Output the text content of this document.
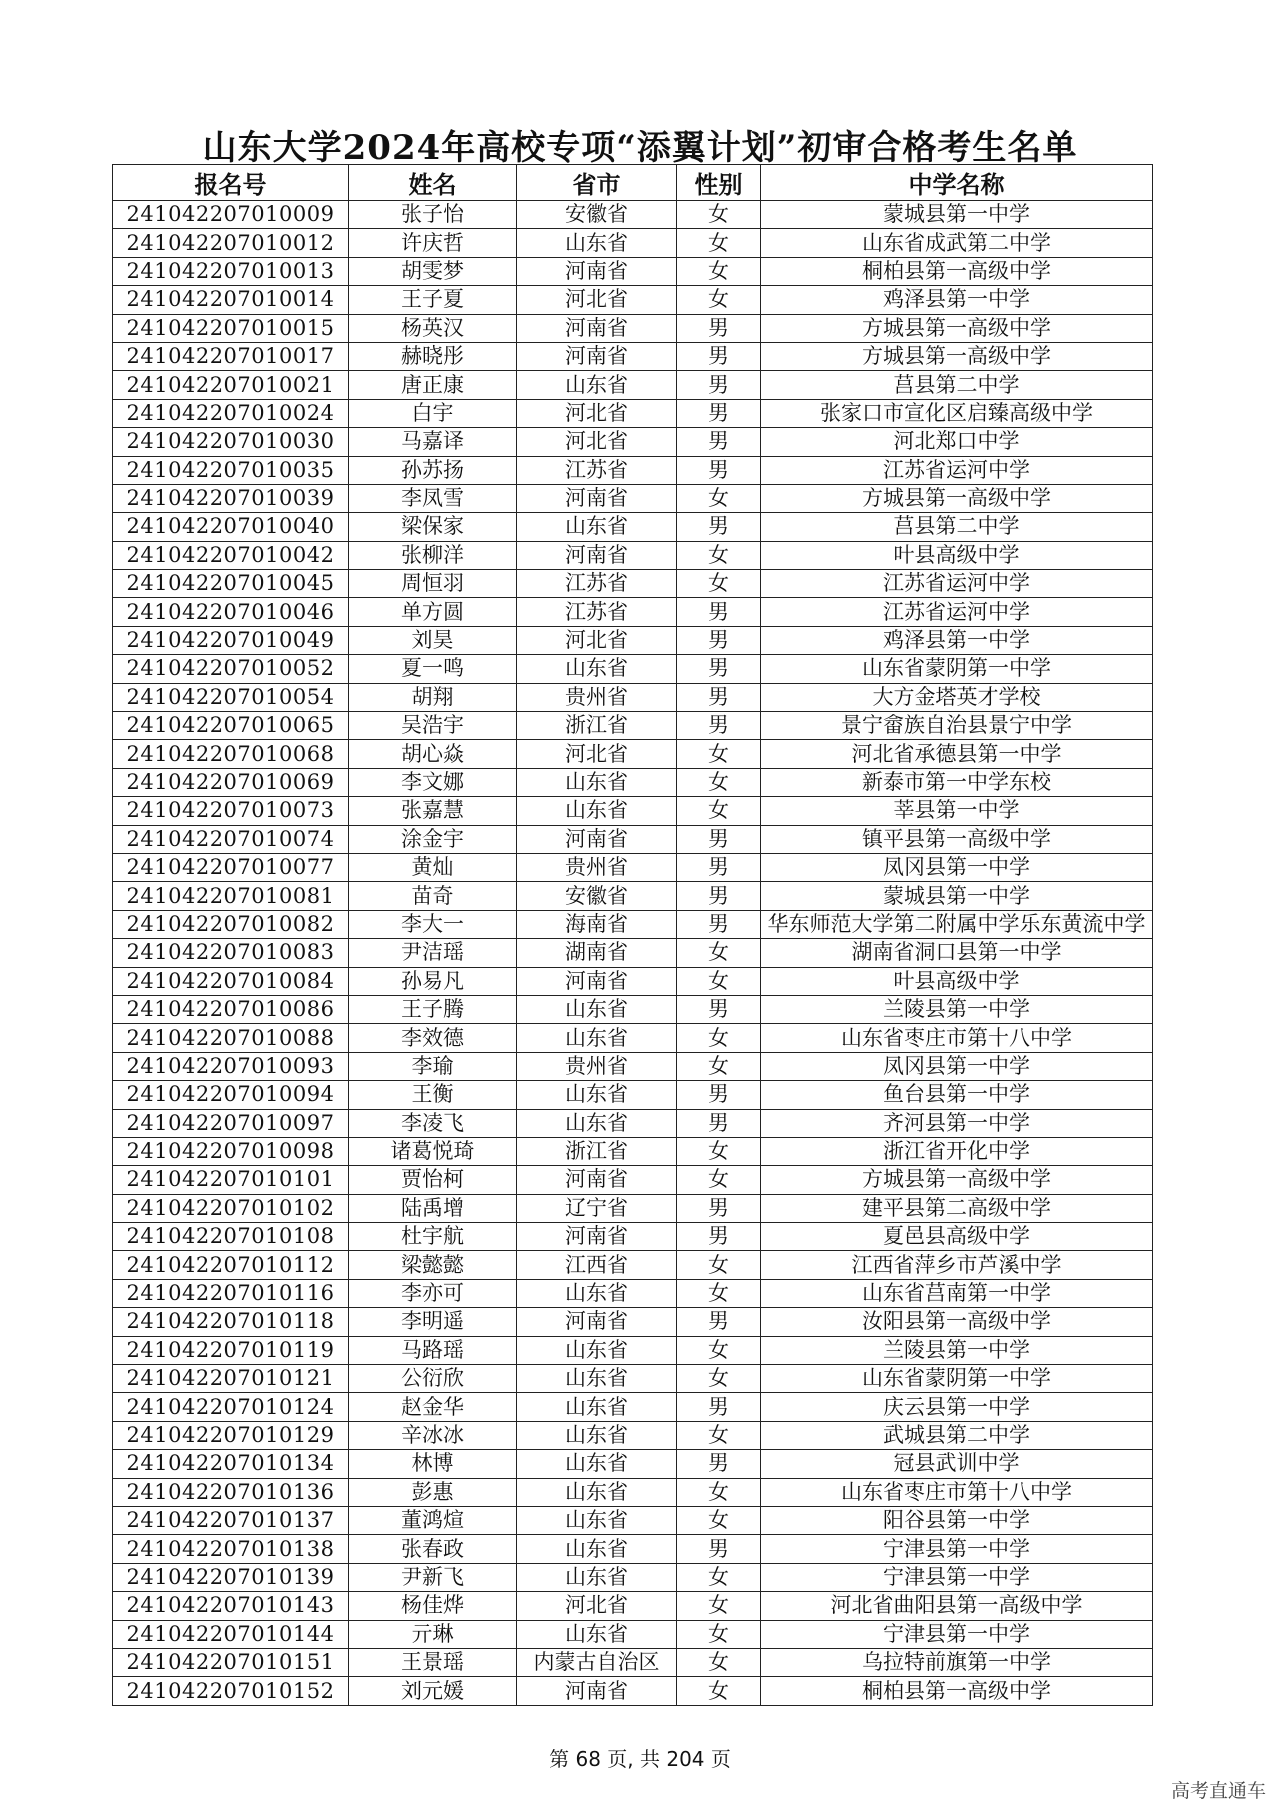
山东大学2024年高校专项“添翼计划”初审合格考生名单
报名号	姓名	省市	性别	中学名称
241042207010009	张子怡	安徽省	女	蒙城县第一中学
241042207010012	许庆哲	山东省	女	山东省成武第二中学
241042207010013	胡雯梦	河南省	女	桐柏县第一高级中学
241042207010014	王子夏	河北省	女	鸡泽县第一中学
241042207010015	杨英汉	河南省	男	方城县第一高级中学
241042207010017	赫晓彤	河南省	男	方城县第一高级中学
241042207010021	唐正康	山东省	男	莒县第二中学
241042207010024	白宇	河北省	男	张家口市宣化区启臻高级中学
241042207010030	马嘉译	河北省	男	河北郑口中学
241042207010035	孙苏扬	江苏省	男	江苏省运河中学
241042207010039	李凤雪	河南省	女	方城县第一高级中学
241042207010040	梁保家	山东省	男	莒县第二中学
241042207010042	张柳洋	河南省	女	叶县高级中学
241042207010045	周恒羽	江苏省	女	江苏省运河中学
241042207010046	单方圆	江苏省	男	江苏省运河中学
241042207010049	刘昊	河北省	男	鸡泽县第一中学
241042207010052	夏一鸣	山东省	男	山东省蒙阴第一中学
241042207010054	胡翔	贵州省	男	大方金塔英才学校
241042207010065	吴浩宇	浙江省	男	景宁畲族自治县景宁中学
241042207010068	胡心焱	河北省	女	河北省承德县第一中学
241042207010069	李文娜	山东省	女	新泰市第一中学东校
241042207010073	张嘉慧	山东省	女	莘县第一中学
241042207010074	涂金宇	河南省	男	镇平县第一高级中学
241042207010077	黄灿	贵州省	男	凤冈县第一中学
241042207010081	苗奇	安徽省	男	蒙城县第一中学
241042207010082	李大一	海南省	男	华东师范大学第二附属中学乐东黄流中学
241042207010083	尹洁瑶	湖南省	女	湖南省洞口县第一中学
241042207010084	孙易凡	河南省	女	叶县高级中学
241042207010086	王子腾	山东省	男	兰陵县第一中学
241042207010088	李效德	山东省	女	山东省枣庄市第十八中学
241042207010093	李瑜	贵州省	女	凤冈县第一中学
241042207010094	王衡	山东省	男	鱼台县第一中学
241042207010097	李凌飞	山东省	男	齐河县第一中学
241042207010098	诸葛悦琦	浙江省	女	浙江省开化中学
241042207010101	贾怡柯	河南省	女	方城县第一高级中学
241042207010102	陆禹增	辽宁省	男	建平县第二高级中学
241042207010108	杜宇航	河南省	男	夏邑县高级中学
241042207010112	梁懿懿	江西省	女	江西省萍乡市芦溪中学
241042207010116	李亦可	山东省	女	山东省莒南第一中学
241042207010118	李明遥	河南省	男	汝阳县第一高级中学
241042207010119	马路瑶	山东省	女	兰陵县第一中学
241042207010121	公衍欣	山东省	女	山东省蒙阴第一中学
241042207010124	赵金华	山东省	男	庆云县第一中学
241042207010129	辛冰冰	山东省	女	武城县第二中学
241042207010134	林博	山东省	男	冠县武训中学
241042207010136	彭惠	山东省	女	山东省枣庄市第十八中学
241042207010137	董鸿煊	山东省	女	阳谷县第一中学
241042207010138	张春政	山东省	男	宁津县第一中学
241042207010139	尹新飞	山东省	女	宁津县第一中学
241042207010143	杨佳烨	河北省	女	河北省曲阳县第一高级中学
241042207010144	亓琳	山东省	女	宁津县第一中学
241042207010151	王景瑶	内蒙古自治区	女	乌拉特前旗第一中学
241042207010152	刘元媛	河南省	女	桐柏县第一高级中学
第 68 页, 共 204 页
高考直通车
